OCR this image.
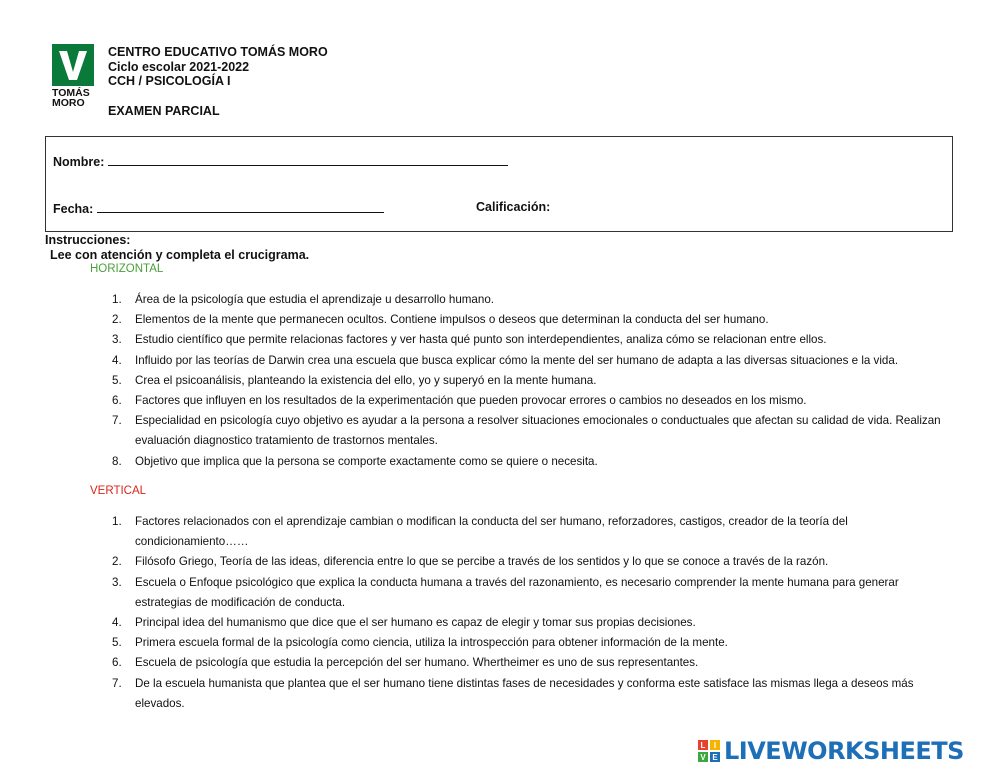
TOMÁS
MORO
CENTRO EDUCATIVO TOMÁS MORO
Ciclo escolar 2021-2022
CCH / PSICOLOGÍA I
EXAMEN PARCIAL
Nombre:
Fecha:	Calificación:
Instrucciones:
Lee con atención y completa el crucigrama.
HORIZONTAL
1. Área de la psicología que estudia el aprendizaje u desarrollo humano.
2. Elementos de la mente que permanecen ocultos. Contiene impulsos o deseos que determinan la conducta del ser humano.
3. Estudio científico que permite relacionas factores y ver hasta qué punto son interdependientes, analiza cómo se relacionan entre ellos.
4. Influido por las teorías de Darwin crea una escuela que busca explicar cómo la mente del ser humano de adapta a las diversas situaciones e la vida.
5. Crea el psicoanálisis, planteando la existencia del ello, yo y superyó en la mente humana.
6. Factores que influyen en los resultados de la experimentación que pueden provocar errores o cambios no deseados en los mismo.
7. Especialidad en psicología cuyo objetivo es ayudar a la persona a resolver situaciones emocionales o conductuales que afectan su calidad de vida. Realizan evaluación diagnostico tratamiento de trastornos mentales.
8. Objetivo que implica que la persona se comporte exactamente como se quiere o necesita.
VERTICAL
1. Factores relacionados con el aprendizaje cambian o modifican la conducta del ser humano, reforzadores, castigos, creador de la teoría del condicionamiento……
2. Filósofo Griego, Teoría de las ideas, diferencia entre lo que se percibe a través de los sentidos y lo que se conoce a través de la razón.
3. Escuela o Enfoque psicológico que explica la conducta humana a través del razonamiento, es necesario comprender la mente humana para generar estrategias de modificación de conducta.
4. Principal idea del humanismo que dice que el ser humano es capaz de elegir y tomar sus propias decisiones.
5. Primera escuela formal de la psicología como ciencia, utiliza la introspección para obtener información de la mente.
6. Escuela de psicología que estudia la percepción del ser humano. Whertheimer es uno de sus representantes.
7. De la escuela humanista que plantea que el ser humano tiene distintas fases de necesidades y conforma este satisface las mismas llega a deseos más elevados.
L	I
V E LIVEWORKSHEETS
